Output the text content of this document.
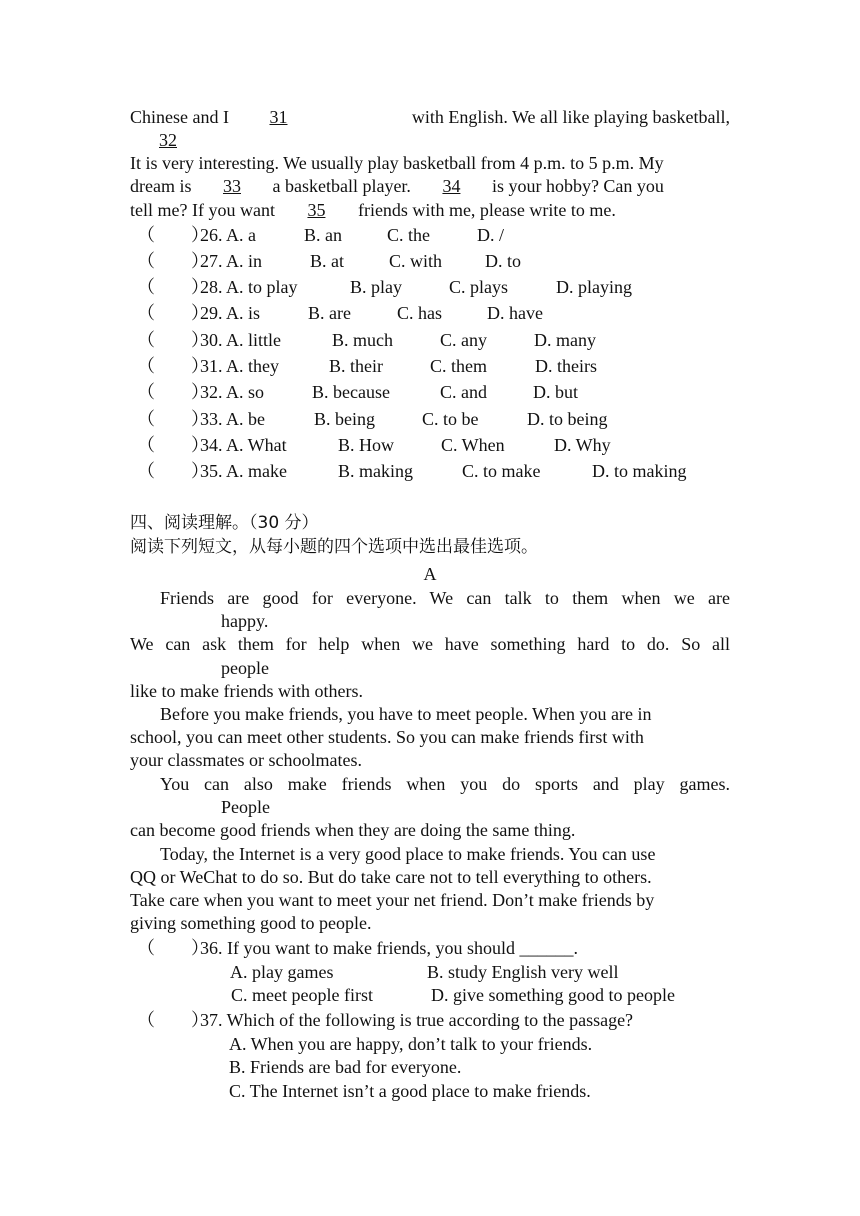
Chinese and I 31	with English. We all like playing basketball,
32
It is very interesting. We usually play basketball from 4 p.m. to 5 p.m. My
dream is 33 a basketball player. 34 is your hobby? Can you
tell me? If you want 35 friends with me, please write to me.
（　　）
26. A. a	B. an	C. the	D. /
（　　）
27. A. in	B. at	C. with D. to
（　　）
28. A. to play	B. play	C. plays	D. playing
（　　）
29. A. is	B. are	C. has	D. have
（　　）
30. A. little	B. much	C. any	D. many
（　　）
31. A. they	B. their	C. them	D. theirs
（　　）
32. A. so	B. because	C. and	D. but
（　　）
33. A. be	B. being	C. to be	D. to being
（　　）
34. A. What	B. How	C. When	D. Why
（　　）
35. A. make	B. making	C. to make	D. to making
四、阅读理解。（30 分）
阅读下列短文，从每小题的四个选项中选出最佳选项。
A
Friends are good for everyone. We can talk to them when we are
happy.
We can ask them for help when we have something hard to do. So all
people
like to make friends with others.
Before you make friends, you have to meet people. When you are in
school, you can meet other students. So you can make friends first with
your classmates or schoolmates.
You can also make friends when you do sports and play games.
People
can become good friends when they are doing the same thing.
Today, the Internet is a very good place to make friends. You can use
QQ or WeChat to do so. But do take care not to tell everything to others.
Take care when you want to meet your net friend. Don’t make friends by
giving something good to people.
（　　）
36. If you want to make friends, you should ______.
A. play games	B. study English very well
C. meet people first	D. give something good to people
（　　）
37. Which of the following is true according to the passage?
A. When you are happy, don’t talk to your friends.
B. Friends are bad for everyone.
C. The Internet isn’t a good place to make friends.
